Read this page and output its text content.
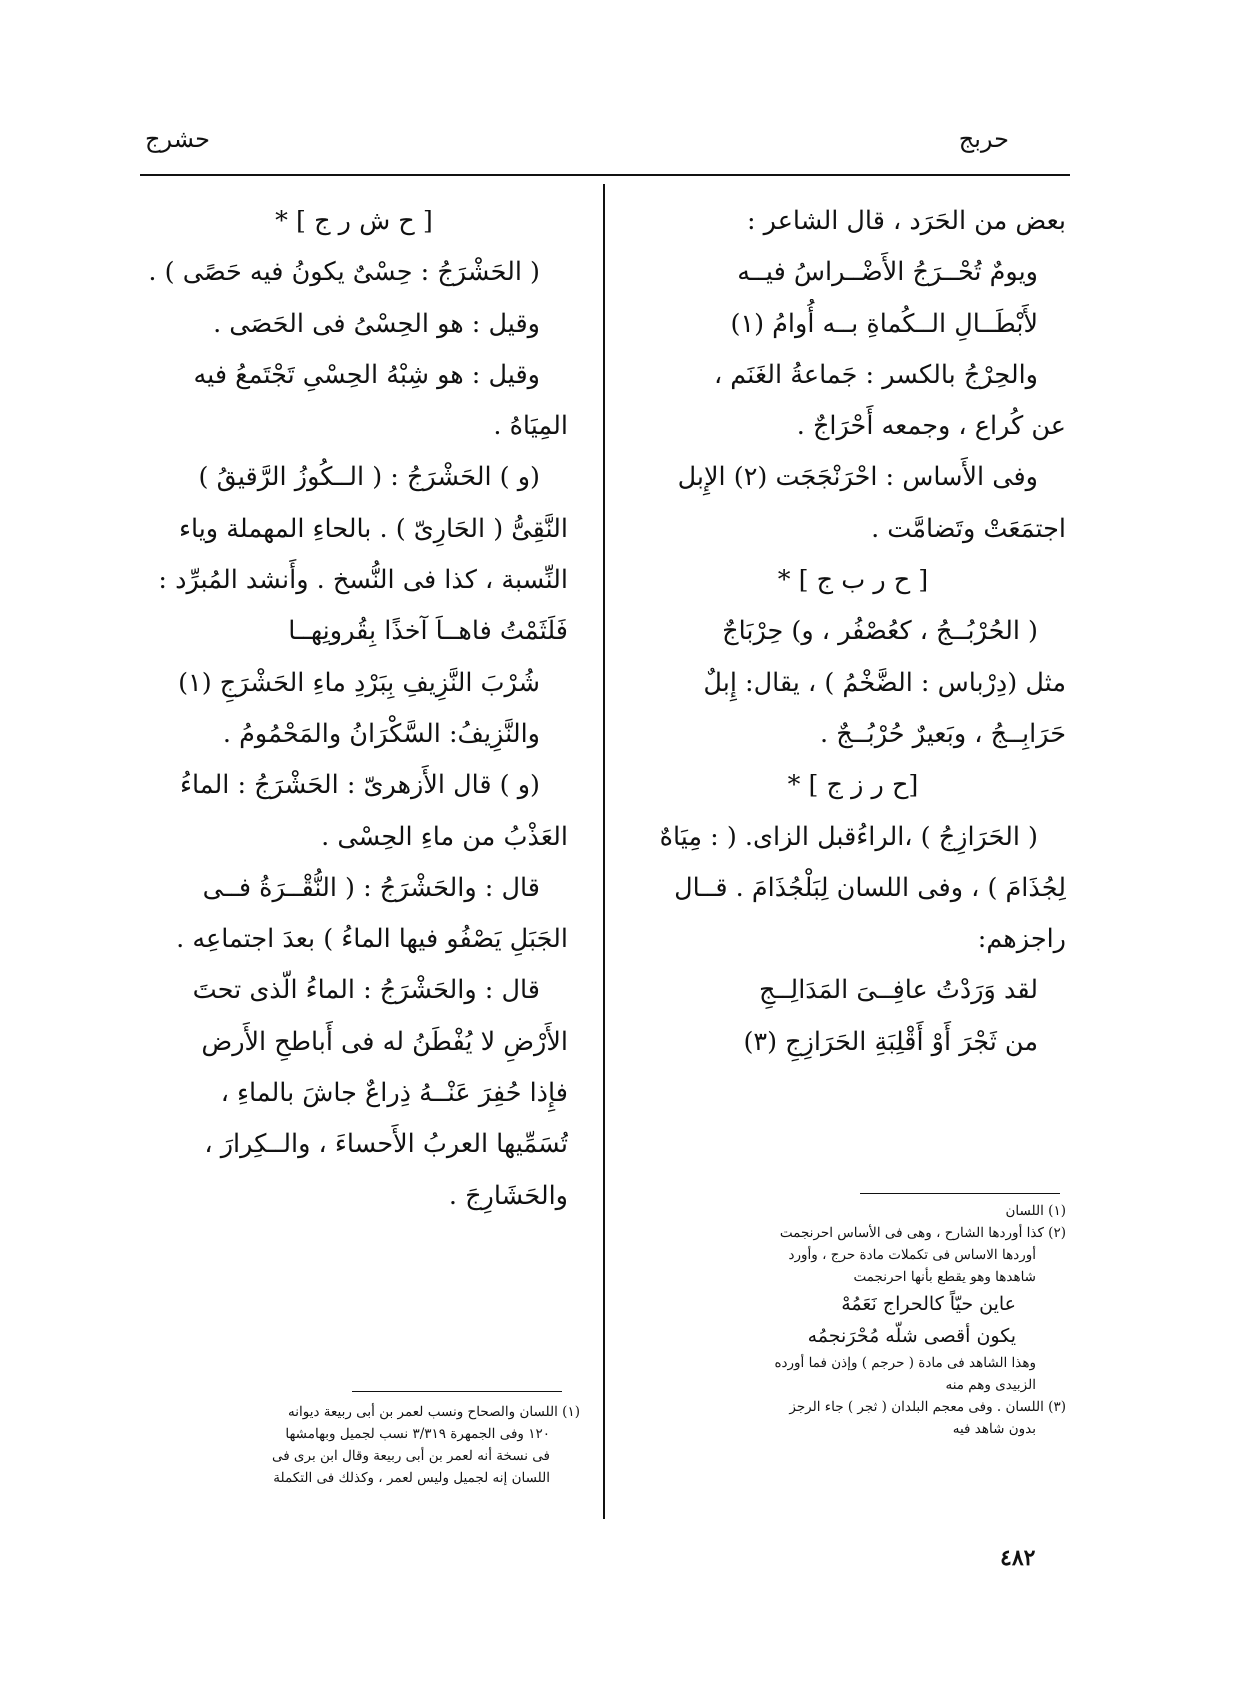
حربج
حشرج
بعض من الحَرَد ، قال الشاعر :
ويومٌ تُحْــرَجُ الأَضْــراسُ فيــه
لأَبْطَــالِ الــكُماةِ بــه أُوامُ (١)
والحِرْجُ بالكسر : جَماعةُ الغَنَم ،
عن كُراع ، وجمعه أَحْرَاجٌ .
وفى الأَساس : احْرَنْجَجَت (٢) الإِبل
اجتمَعَتْ وتَضامَّت .
[ ح ر ب ج ] *
( الحُرْبُــجُ ، كعُصْفُر ، و) حِرْبَاجٌ
مثل (دِرْباس : الضَّخْمُ ) ، يقال: إِبلٌ
حَرَابِــجُ ، وبَعيرٌ حُرْبُــجٌ .
[ح ر ز ج ] *
( الحَرَازِجُ ) ،الراءُقبل الزاى. ( : مِيَاهٌ
لِجُذَامَ ) ، وفى اللسان لِبَلْجُذَامَ . قــال
راجزهم:
لقد وَرَدْتُ عافِــىَ المَدَالِــجِ
من ثَجْرَ أَوْ أَقْلِبَةِ الحَرَازِجِ (٣)
[ ح ش ر ج ] *
( الحَشْرَجُ : حِسْىٌ يكونُ فيه حَصًى ) .
وقيل : هو الحِسْىُ فى الحَصَى .
وقيل : هو شِبْهُ الحِسْىِ تَجْتَمعُ فيه
المِيَاهُ .
(و ) الحَشْرَجُ : ( الــكُوزُ الرَّقيقُ )
النَّقِىُّ ( الحَارِىّ ) . بالحاءِ المهملة وياء
النِّسبة ، كذا فى النُّسخ . وأَنشد المُبرِّد :
فَلَثَمْتُ فاهــاَ آخذًا بِقُرونِهــا
شُرْبَ النَّزِيفِ بِبَرْدِ ماءِ الحَشْرَجِ (١)
والنَّزِيفُ: السَّكْرَانُ والمَحْمُومُ .
(و ) قال الأَزهرىّ : الحَشْرَجُ : الماءُ
العَذْبُ من ماءِ الحِسْى .
قال : والحَشْرَجُ : ( النُّقْــرَةُ فــى
الجَبَلِ يَصْفُو فيها الماءُ ) بعدَ اجتماعِه .
قال : والحَشْرَجُ : الماءُ الّذى تحتَ
الأَرْضِ لا يُفْطَنُ له فى أَباطحِ الأَرض
فإِذا حُفِرَ عَنْــهُ ذِراعٌ جاشَ بالماءِ ،
تُسَمِّيها العربُ الأَحساءَ ، والــكِرارَ ،
والحَشَارِجَ .
(١) اللسان
(٢) كذا أوردها الشارح ، وهى فى الأساس احرنجمت
أوردها الاساس فى تكملات مادة حرج ، وأورد
شاهدها وهو يقطع بأنها احرنجمت
عاين حيّاً كالحراج نَعَمُهْ
يكون أقصى شلّه مُحْرَنجمُه
وهذا الشاهد فى مادة ( حرجم ) وإذن فما أورده
الزبيدى وهم منه
(٣) اللسان . وفى معجم البلدان ( ثجر ) جاء الرجز
بدون شاهد فيه
(١) اللسان والصحاح ونسب لعمر بن أبى ربيعة ديوانه
١٢٠ وفى الجمهرة ٣/٣١٩ نسب لجميل وبهامشها
فى نسخة أنه لعمر بن أبى ربيعة وقال ابن برى فى
اللسان إنه لجميل وليس لعمر ، وكذلك فى التكملة
٤٨٢
